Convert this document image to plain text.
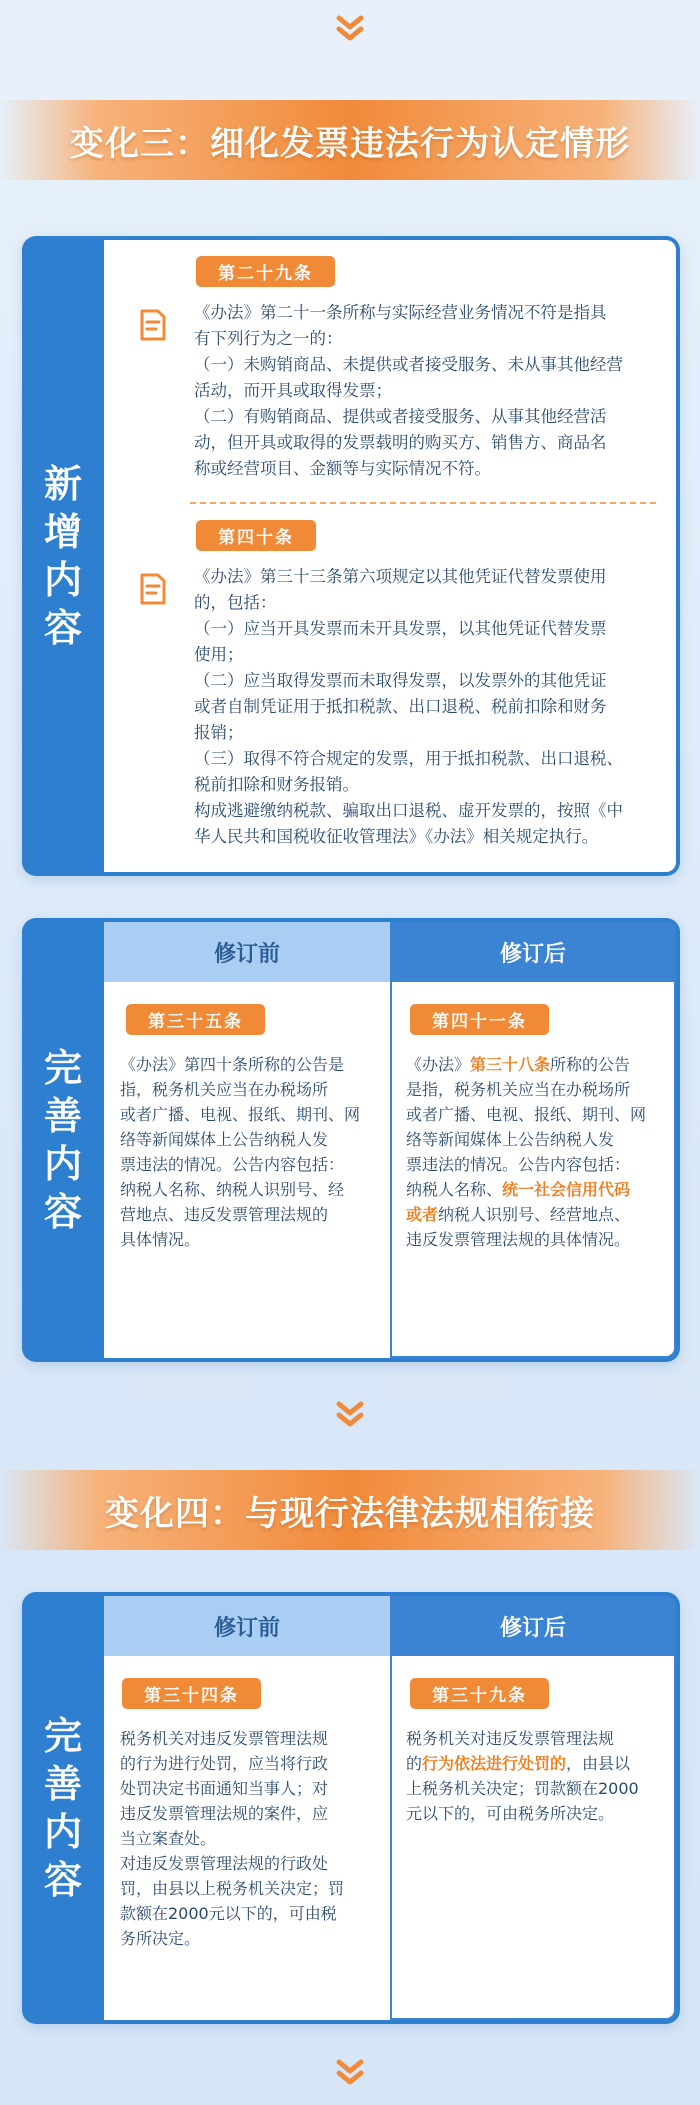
变化三：细化发票违法行为认定情形
新
增
内
容
第二十九条
《办法》第二十一条所称与实际经营业务情况不符是指具
有下列行为之一的：
（一）未购销商品、未提供或者接受服务、未从事其他经营
活动，而开具或取得发票；
（二）有购销商品、提供或者接受服务、从事其他经营活
动，但开具或取得的发票载明的购买方、销售方、商品名
称或经营项目、金额等与实际情况不符。
第四十条
《办法》第三十三条第六项规定以其他凭证代替发票使用
的，包括：
（一）应当开具发票而未开具发票，以其他凭证代替发票
使用；
（二）应当取得发票而未取得发票，以发票外的其他凭证
或者自制凭证用于抵扣税款、出口退税、税前扣除和财务
报销；
（三）取得不符合规定的发票，用于抵扣税款、出口退税、
税前扣除和财务报销。
构成逃避缴纳税款、骗取出口退税、虚开发票的，按照《中
华人民共和国税收征收管理法》《办法》相关规定执行。
完
善
内
容
修订前	修订后
第三十五条
《办法》第四十条所称的公告是
指，税务机关应当在办税场所
或者广播、电视、报纸、期刊、网
络等新闻媒体上公告纳税人发
票违法的情况。公告内容包括：
纳税人名称、纳税人识别号、经
营地点、违反发票管理法规的
具体情况。
第四十一条
《办法》第三十八条所称的公告
是指，税务机关应当在办税场所
或者广播、电视、报纸、期刊、网
络等新闻媒体上公告纳税人发
票违法的情况。公告内容包括：
纳税人名称、统一社会信用代码
或者纳税人识别号、经营地点、
违反发票管理法规的具体情况。
变化四：与现行法律法规相衔接
完
善
内
容
修订前	修订后
第三十四条
税务机关对违反发票管理法规
的行为进行处罚，应当将行政
处罚决定书面通知当事人；对
违反发票管理法规的案件，应
当立案查处。
对违反发票管理法规的行政处
罚，由县以上税务机关决定；罚
款额在2000元以下的，可由税
务所决定。
第三十九条
税务机关对违反发票管理法规
的行为依法进行处罚的，由县以
上税务机关决定；罚款额在2000
元以下的，可由税务所决定。
